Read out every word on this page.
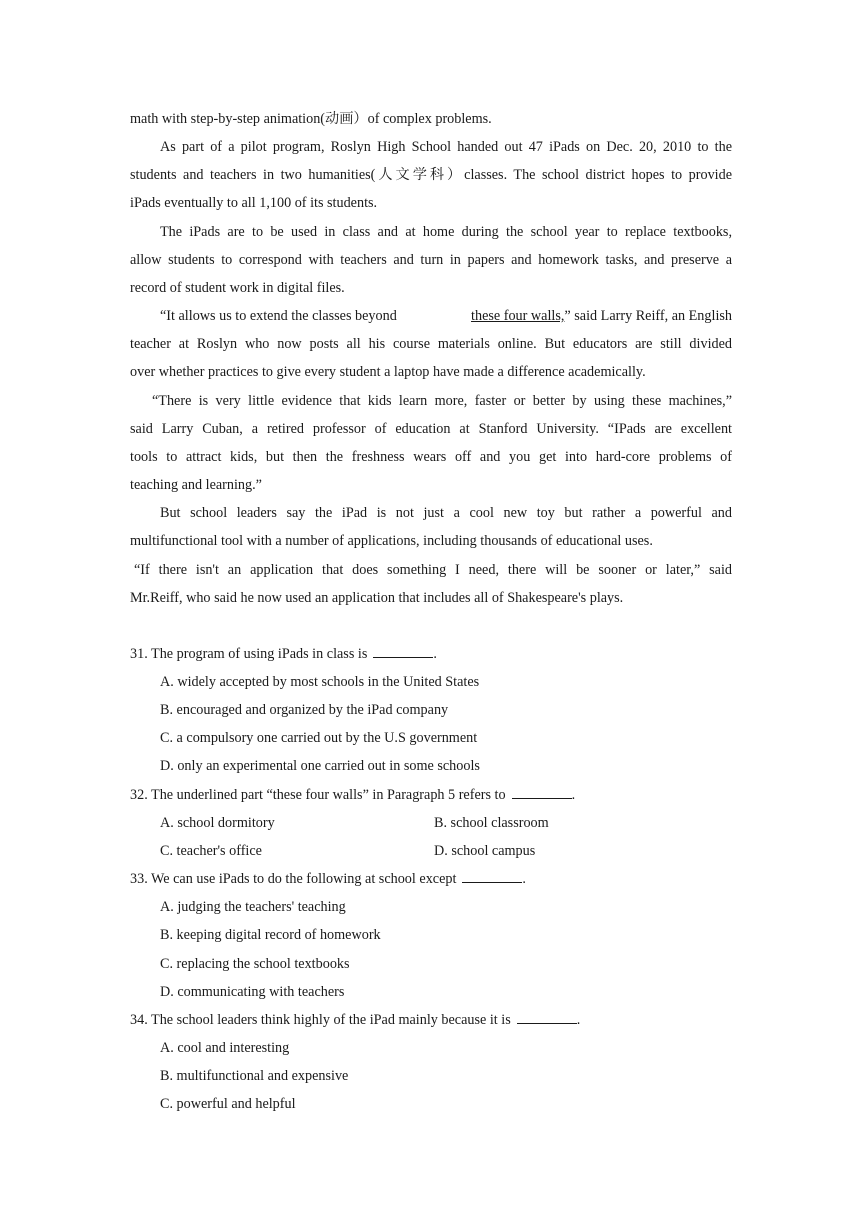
math with step-by-step animation(动画）of complex problems.
As part of a pilot program, Roslyn High School handed out 47 iPads on Dec. 20, 2010 to the
students and teachers in two humanities(人文学科）classes. The school district hopes to provide
iPads eventually to all 1,100 of its students.
The iPads are to be used in class and at home during the school year to replace textbooks,
allow students to correspond with teachers and turn in papers and homework tasks, and preserve a
record of student work in digital files.
“It allows us to extend the classes beyond	these four walls,” said Larry Reiff, an English
teacher at Roslyn who now posts all his course materials online. But educators are still divided
over whether practices to give every student a laptop have made a difference academically.
“There is very little evidence that kids learn more, faster or better by using these machines,”
said Larry Cuban, a retired professor of education at Stanford University. “IPads are excellent
tools to attract kids, but then the freshness wears off and you get into hard-core problems of
teaching and learning.”
But school leaders say the iPad is not just a cool new toy but rather a powerful and
multifunctional tool with a number of applications, including thousands of educational uses.
“If there isn't an application that does something I need, there will be sooner or later,” said
Mr.Reiff, who said he now used an application that includes all of Shakespeare's plays.
31. The program of using iPads in class is	.
A. widely accepted by most schools in the United States
B. encouraged and organized by the iPad company
C. a compulsory one carried out by the U.S government
D. only an experimental one carried out in some schools
32. The underlined part “these four walls” in Paragraph 5 refers to	.
A. school dormitory	B. school classroom
C. teacher's office	D. school campus
33. We can use iPads to do the following at school except	.
A. judging the teachers' teaching
B. keeping digital record of homework
C. replacing the school textbooks
D. communicating with teachers
34. The school leaders think highly of the iPad mainly because it is	.
A. cool and interesting
B. multifunctional and expensive
C. powerful and helpful
